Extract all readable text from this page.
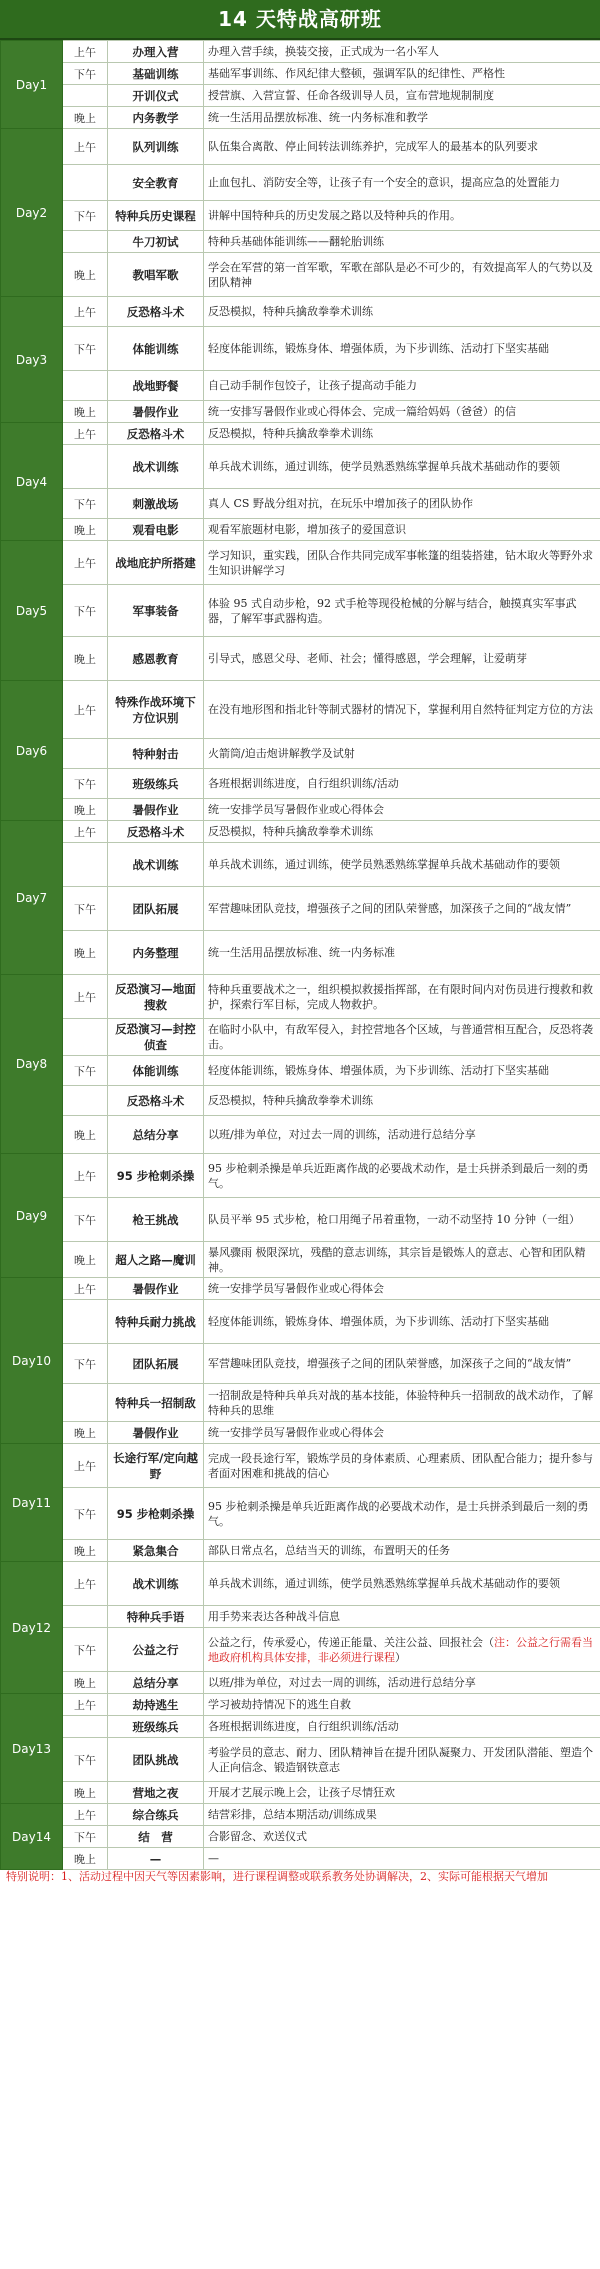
14 天特战高研班
Day1	上午	办理入营	办理入营手续，换装交接，正式成为一名小军人
	下午	基础训练	基础军事训练、作风纪律大整顿，强调军队的纪律性、严格性
		开训仪式	授营旗、入营宣誓、任命各级训导人员，宣布营地规制制度
	晚上	内务教学	统一生活用品摆放标准、统一内务标准和教学
Day2	上午	队列训练	队伍集合离散、停止间转法训练养护，完成军人的最基本的队列要求
		安全教育	止血包扎、消防安全等，让孩子有一个安全的意识，提高应急的处置能力
	下午	特种兵历史课程	讲解中国特种兵的历史发展之路以及特种兵的作用。
		牛刀初试	特种兵基础体能训练——翻轮胎训练
	晚上	教唱军歌	学会在军营的第一首军歌，军歌在部队是必不可少的，有效提高军人的气势以及团队精神
Day3	上午	反恐格斗术	反恐模拟，特种兵擒敌拳拳术训练
	下午	体能训练	轻度体能训练，锻炼身体、增强体质，为下步训练、活动打下坚实基础
		战地野餐	自己动手制作包饺子，让孩子提高动手能力
	晚上	暑假作业	统一安排写暑假作业或心得体会、完成一篇给妈妈（爸爸）的信
Day4	上午	反恐格斗术	反恐模拟，特种兵擒敌拳拳术训练
		战术训练	单兵战术训练，通过训练，使学员熟悉熟练掌握单兵战术基础动作的要领
	下午	刺激战场	真人 CS 野战分组对抗，在玩乐中增加孩子的团队协作
	晚上	观看电影	观看军旅题材电影，增加孩子的爱国意识
Day5	上午	战地庇护所搭建	学习知识，重实践，团队合作共同完成军事帐篷的组装搭建，钻木取火等野外求生知识讲解学习
	下午	军事装备	体验 95 式自动步枪，92 式手枪等现役枪械的分解与结合，触摸真实军事武器，了解军事武器构造。
	晚上	感恩教育	引导式，感恩父母、老师、社会；懂得感恩，学会理解，让爱萌芽
Day6	上午	特殊作战环境下方位识别	在没有地形图和指北针等制式器材的情况下，掌握利用自然特征判定方位的方法
		特种射击	火箭筒/迫击炮讲解教学及试射
	下午	班级练兵	各班根据训练进度，自行组织训练/活动
	晚上	暑假作业	统一安排学员写暑假作业或心得体会
Day7	上午	反恐格斗术	反恐模拟，特种兵擒敌拳拳术训练
		战术训练	单兵战术训练，通过训练，使学员熟悉熟练掌握单兵战术基础动作的要领
	下午	团队拓展	军营趣味团队竞技，增强孩子之间的团队荣誉感，加深孩子之间的“战友情”
	晚上	内务整理	统一生活用品摆放标准、统一内务标准
Day8	上午	反恐演习—地面搜救	特种兵重要战术之一，组织模拟救援指挥部，在有限时间内对伤员进行搜救和救护，探索行军目标，完成人物救护。
		反恐演习—封控侦查	在临时小队中，有敌军侵入，封控营地各个区域，与普通营相互配合，反恐将袭击。
	下午	体能训练	轻度体能训练，锻炼身体、增强体质，为下步训练、活动打下坚实基础
		反恐格斗术	反恐模拟，特种兵擒敌拳拳术训练
	晚上	总结分享	以班/排为单位，对过去一周的训练，活动进行总结分享
Day9	上午	95 步枪刺杀操	95 步枪刺杀操是单兵近距离作战的必要战术动作，是士兵拼杀到最后一刻的勇气。
	下午	枪王挑战	队员平举 95 式步枪，枪口用绳子吊着重物，一动不动坚持 10 分钟（一组）
	晚上	超人之路—魔训	暴风骤雨 极限深坑，残酷的意志训练，其宗旨是锻炼人的意志、心智和团队精神。
Day10	上午	暑假作业	统一安排学员写暑假作业或心得体会
		特种兵耐力挑战	轻度体能训练，锻炼身体、增强体质，为下步训练、活动打下坚实基础
	下午	团队拓展	军营趣味团队竞技，增强孩子之间的团队荣誉感，加深孩子之间的“战友情”
		特种兵一招制敌	一招制敌是特种兵单兵对战的基本技能，体验特种兵一招制敌的战术动作，了解特种兵的思维
	晚上	暑假作业	统一安排学员写暑假作业或心得体会
Day11	上午	长途行军/定向越野	完成一段長途行军，锻炼学员的身体素质、心理素质、团队配合能力；提升参与者面对困难和挑战的信心
	下午	95 步枪刺杀操	95 步枪刺杀操是单兵近距离作战的必要战术动作，是士兵拼杀到最后一刻的勇气。
	晚上	紧急集合	部队日常点名，总结当天的训练，布置明天的任务
Day12	上午	战术训练	单兵战术训练，通过训练，使学员熟悉熟练掌握单兵战术基础动作的要领
		特种兵手语	用手势来表达各种战斗信息
	下午	公益之行	公益之行，传承爱心，传递正能量、关注公益、回报社会（注：公益之行需看当地政府机构具体安排，非必须进行课程）
	晚上	总结分享	以班/排为单位，对过去一周的训练，活动进行总结分享
Day13	上午	劫持逃生	学习被劫持情况下的逃生自救
		班级练兵	各班根据训练进度，自行组织训练/活动
	下午	团队挑战	考验学员的意志、耐力、团队精神旨在提升团队凝聚力、开发团队潜能、塑造个人正向信念、锻造钢铁意志
	晚上	营地之夜	开展才艺展示晚上会，让孩子尽情狂欢
Day14	上午	综合练兵	结营彩排，总结本期活动/训练成果
	下午	结　营	合影留念、欢送仪式
	晚上	—	—
特别说明：1、活动过程中因天气等因素影响，进行课程调整或联系教务处协调解决，2、实际可能根据天气增加
